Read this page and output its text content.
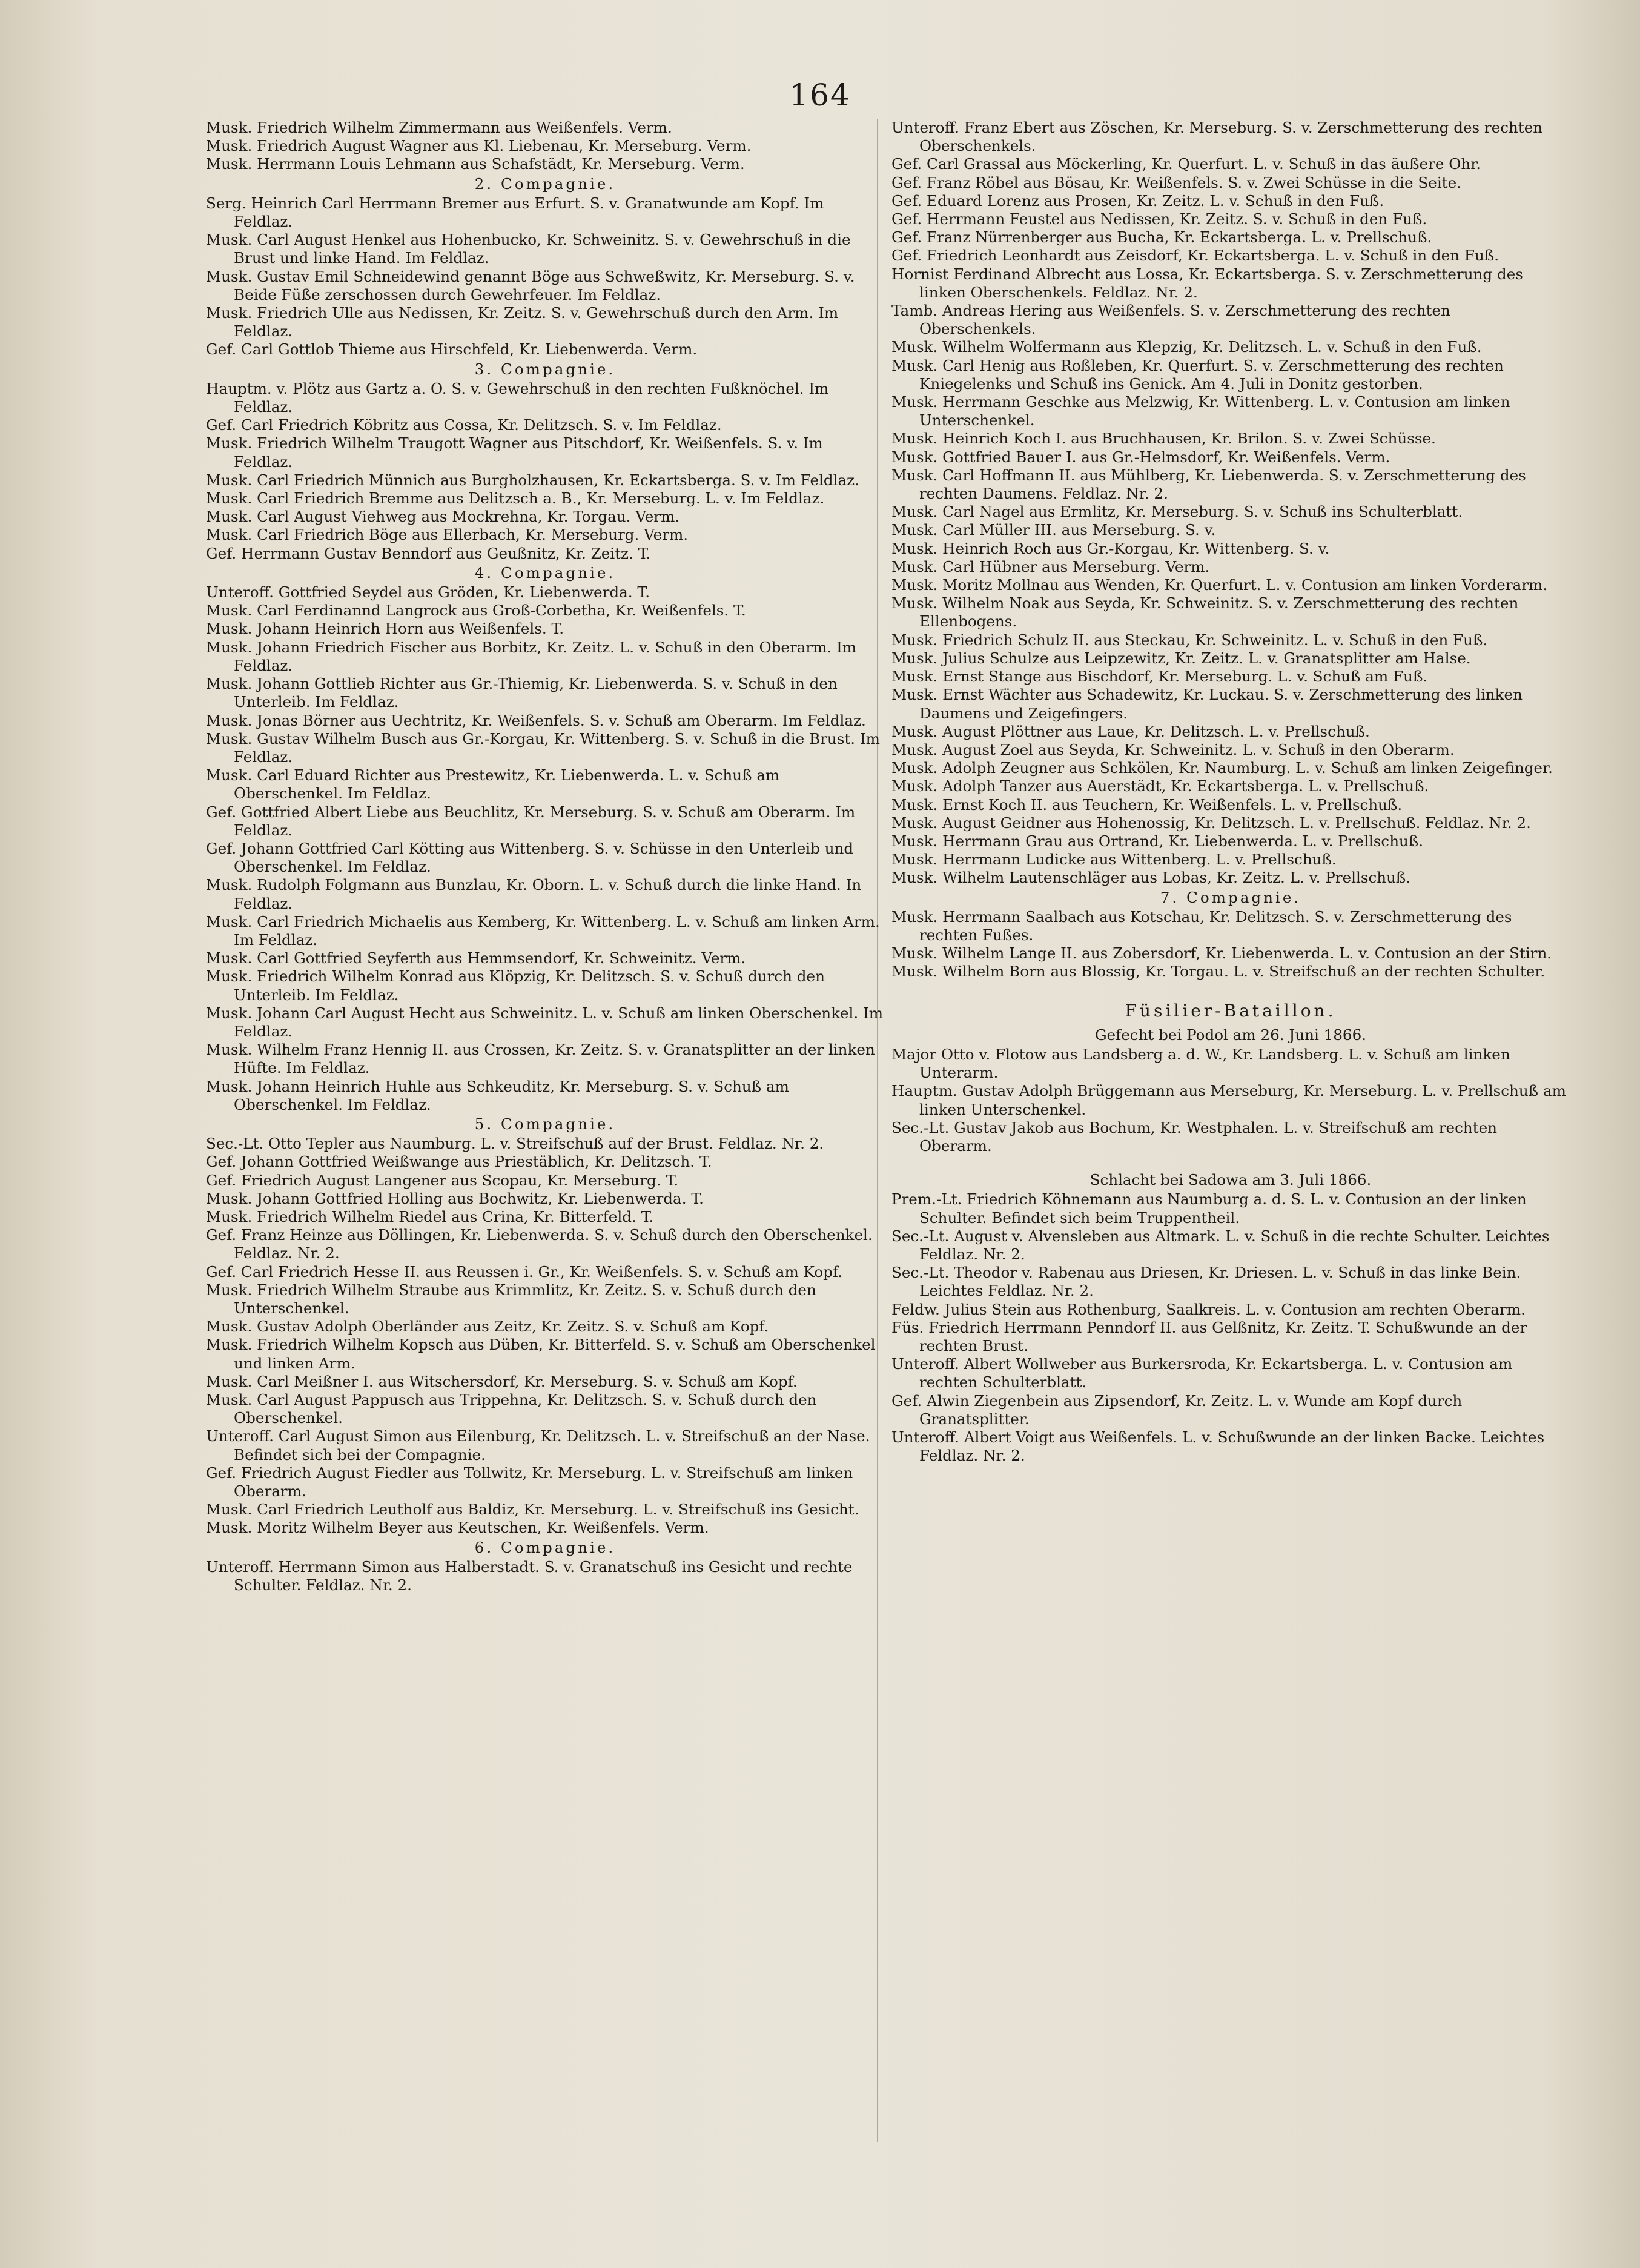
164
Musk. Friedrich Wilhelm Zimmermann aus Weißenfels. Verm.
Musk. Friedrich August Wagner aus Kl. Liebenau, Kr. Merseburg. Verm.
Musk. Herrmann Louis Lehmann aus Schafstädt, Kr. Merseburg. Verm.
2. Compagnie.
Serg. Heinrich Carl Herrmann Bremer aus Erfurt. S. v. Granatwunde am Kopf. Im Feldlaz.
Musk. Carl August Henkel aus Hohenbucko, Kr. Schweinitz. S. v. Gewehrschuß in die Brust und linke Hand. Im Feldlaz.
Musk. Gustav Emil Schneidewind genannt Böge aus Schweßwitz, Kr. Merseburg. S. v. Beide Füße zerschossen durch Gewehrfeuer. Im Feldlaz.
Musk. Friedrich Ulle aus Nedissen, Kr. Zeitz. S. v. Gewehrschuß durch den Arm. Im Feldlaz.
Gef. Carl Gottlob Thieme aus Hirschfeld, Kr. Liebenwerda. Verm.
3. Compagnie.
Hauptm. v. Plötz aus Gartz a. O. S. v. Gewehrschuß in den rechten Fußknöchel. Im Feldlaz.
Gef. Carl Friedrich Köbritz aus Cossa, Kr. Delitzsch. S. v. Im Feldlaz.
Musk. Friedrich Wilhelm Traugott Wagner aus Pitschdorf, Kr. Weißenfels. S. v. Im Feldlaz.
Musk. Carl Friedrich Münnich aus Burgholzhausen, Kr. Eckartsberga. S. v. Im Feldlaz.
Musk. Carl Friedrich Bremme aus Delitzsch a. B., Kr. Merseburg. L. v. Im Feldlaz.
Musk. Carl August Viehweg aus Mockrehna, Kr. Torgau. Verm.
Musk. Carl Friedrich Böge aus Ellerbach, Kr. Merseburg. Verm.
Gef. Herrmann Gustav Benndorf aus Geußnitz, Kr. Zeitz. T.
4. Compagnie.
Unteroff. Gottfried Seydel aus Gröden, Kr. Liebenwerda. T.
Musk. Carl Ferdinannd Langrock aus Groß-Corbetha, Kr. Weißenfels. T.
Musk. Johann Heinrich Horn aus Weißenfels. T.
Musk. Johann Friedrich Fischer aus Borbitz, Kr. Zeitz. L. v. Schuß in den Oberarm. Im Feldlaz.
Musk. Johann Gottlieb Richter aus Gr.-Thiemig, Kr. Liebenwerda. S. v. Schuß in den Unterleib. Im Feldlaz.
Musk. Jonas Börner aus Uechtritz, Kr. Weißenfels. S. v. Schuß am Oberarm. Im Feldlaz.
Musk. Gustav Wilhelm Busch aus Gr.-Korgau, Kr. Wittenberg. S. v. Schuß in die Brust. Im Feldlaz.
Musk. Carl Eduard Richter aus Prestewitz, Kr. Liebenwerda. L. v. Schuß am Oberschenkel. Im Feldlaz.
Gef. Gottfried Albert Liebe aus Beuchlitz, Kr. Merseburg. S. v. Schuß am Oberarm. Im Feldlaz.
Gef. Johann Gottfried Carl Kötting aus Wittenberg. S. v. Schüsse in den Unterleib und Oberschenkel. Im Feldlaz.
Musk. Rudolph Folgmann aus Bunzlau, Kr. Oborn. L. v. Schuß durch die linke Hand. In Feldlaz.
Musk. Carl Friedrich Michaelis aus Kemberg, Kr. Wittenberg. L. v. Schuß am linken Arm. Im Feldlaz.
Musk. Carl Gottfried Seyferth aus Hemmsendorf, Kr. Schweinitz. Verm.
Musk. Friedrich Wilhelm Konrad aus Klöpzig, Kr. Delitzsch. S. v. Schuß durch den Unterleib. Im Feldlaz.
Musk. Johann Carl August Hecht aus Schweinitz. L. v. Schuß am linken Oberschenkel. Im Feldlaz.
Musk. Wilhelm Franz Hennig II. aus Crossen, Kr. Zeitz. S. v. Granatsplitter an der linken Hüfte. Im Feldlaz.
Musk. Johann Heinrich Huhle aus Schkeuditz, Kr. Merseburg. S. v. Schuß am Oberschenkel. Im Feldlaz.
5. Compagnie.
Sec.-Lt. Otto Tepler aus Naumburg. L. v. Streifschuß auf der Brust. Feldlaz. Nr. 2.
Gef. Johann Gottfried Weißwange aus Priestäblich, Kr. Delitzsch. T.
Gef. Friedrich August Langener aus Scopau, Kr. Merseburg. T.
Musk. Johann Gottfried Holling aus Bochwitz, Kr. Liebenwerda. T.
Musk. Friedrich Wilhelm Riedel aus Crina, Kr. Bitterfeld. T.
Gef. Franz Heinze aus Döllingen, Kr. Liebenwerda. S. v. Schuß durch den Oberschenkel. Feldlaz. Nr. 2.
Gef. Carl Friedrich Hesse II. aus Reussen i. Gr., Kr. Weißenfels. S. v. Schuß am Kopf.
Musk. Friedrich Wilhelm Straube aus Krimmlitz, Kr. Zeitz. S. v. Schuß durch den Unterschenkel.
Musk. Gustav Adolph Oberländer aus Zeitz, Kr. Zeitz. S. v. Schuß am Kopf.
Musk. Friedrich Wilhelm Kopsch aus Düben, Kr. Bitterfeld. S. v. Schuß am Oberschenkel und linken Arm.
Musk. Carl Meißner I. aus Witschersdorf, Kr. Merseburg. S. v. Schuß am Kopf.
Musk. Carl August Pappusch aus Trippehna, Kr. Delitzsch. S. v. Schuß durch den Oberschenkel.
Unteroff. Carl August Simon aus Eilenburg, Kr. Delitzsch. L. v. Streifschuß an der Nase. Befindet sich bei der Compagnie.
Gef. Friedrich August Fiedler aus Tollwitz, Kr. Merseburg. L. v. Streifschuß am linken Oberarm.
Musk. Carl Friedrich Leutholf aus Baldiz, Kr. Merseburg. L. v. Streifschuß ins Gesicht.
Musk. Moritz Wilhelm Beyer aus Keutschen, Kr. Weißenfels. Verm.
6. Compagnie.
Unteroff. Herrmann Simon aus Halberstadt. S. v. Granatschuß ins Gesicht und rechte Schulter. Feldlaz. Nr. 2.
Unteroff. Franz Ebert aus Zöschen, Kr. Merseburg. S. v. Zerschmetterung des rechten Oberschenkels.
Gef. Carl Grassal aus Möckerling, Kr. Querfurt. L. v. Schuß in das äußere Ohr.
Gef. Franz Röbel aus Bösau, Kr. Weißenfels. S. v. Zwei Schüsse in die Seite.
Gef. Eduard Lorenz aus Prosen, Kr. Zeitz. L. v. Schuß in den Fuß.
Gef. Herrmann Feustel aus Nedissen, Kr. Zeitz. S. v. Schuß in den Fuß.
Gef. Franz Nürrenberger aus Bucha, Kr. Eckartsberga. L. v. Prellschuß.
Gef. Friedrich Leonhardt aus Zeisdorf, Kr. Eckartsberga. L. v. Schuß in den Fuß.
Hornist Ferdinand Albrecht aus Lossa, Kr. Eckartsberga. S. v. Zerschmetterung des linken Oberschenkels. Feldlaz. Nr. 2.
Tamb. Andreas Hering aus Weißenfels. S. v. Zerschmetterung des rechten Oberschenkels.
Musk. Wilhelm Wolfermann aus Klepzig, Kr. Delitzsch. L. v. Schuß in den Fuß.
Musk. Carl Henig aus Roßleben, Kr. Querfurt. S. v. Zerschmetterung des rechten Kniegelenks und Schuß ins Genick. Am 4. Juli in Donitz gestorben.
Musk. Herrmann Geschke aus Melzwig, Kr. Wittenberg. L. v. Contusion am linken Unterschenkel.
Musk. Heinrich Koch I. aus Bruchhausen, Kr. Brilon. S. v. Zwei Schüsse.
Musk. Gottfried Bauer I. aus Gr.-Helmsdorf, Kr. Weißenfels. Verm.
Musk. Carl Hoffmann II. aus Mühlberg, Kr. Liebenwerda. S. v. Zerschmetterung des rechten Daumens. Feldlaz. Nr. 2.
Musk. Carl Nagel aus Ermlitz, Kr. Merseburg. S. v. Schuß ins Schulterblatt.
Musk. Carl Müller III. aus Merseburg. S. v.
Musk. Heinrich Roch aus Gr.-Korgau, Kr. Wittenberg. S. v.
Musk. Carl Hübner aus Merseburg. Verm.
Musk. Moritz Mollnau aus Wenden, Kr. Querfurt. L. v. Contusion am linken Vorderarm.
Musk. Wilhelm Noak aus Seyda, Kr. Schweinitz. S. v. Zerschmetterung des rechten Ellenbogens.
Musk. Friedrich Schulz II. aus Steckau, Kr. Schweinitz. L. v. Schuß in den Fuß.
Musk. Julius Schulze aus Leipzewitz, Kr. Zeitz. L. v. Granatsplitter am Halse.
Musk. Ernst Stange aus Bischdorf, Kr. Merseburg. L. v. Schuß am Fuß.
Musk. Ernst Wächter aus Schadewitz, Kr. Luckau. S. v. Zerschmetterung des linken Daumens und Zeigefingers.
Musk. August Plöttner aus Laue, Kr. Delitzsch. L. v. Prellschuß.
Musk. August Zoel aus Seyda, Kr. Schweinitz. L. v. Schuß in den Oberarm.
Musk. Adolph Zeugner aus Schkölen, Kr. Naumburg. L. v. Schuß am linken Zeigefinger.
Musk. Adolph Tanzer aus Auerstädt, Kr. Eckartsberga. L. v. Prellschuß.
Musk. Ernst Koch II. aus Teuchern, Kr. Weißenfels. L. v. Prellschuß.
Musk. August Geidner aus Hohenossig, Kr. Delitzsch. L. v. Prellschuß. Feldlaz. Nr. 2.
Musk. Herrmann Grau aus Ortrand, Kr. Liebenwerda. L. v. Prellschuß.
Musk. Herrmann Ludicke aus Wittenberg. L. v. Prellschuß.
Musk. Wilhelm Lautenschläger aus Lobas, Kr. Zeitz. L. v. Prellschuß.
7. Compagnie.
Musk. Herrmann Saalbach aus Kotschau, Kr. Delitzsch. S. v. Zerschmetterung des rechten Fußes.
Musk. Wilhelm Lange II. aus Zobersdorf, Kr. Liebenwerda. L. v. Contusion an der Stirn.
Musk. Wilhelm Born aus Blossig, Kr. Torgau. L. v. Streifschuß an der rechten Schulter.
Füsilier-Bataillon.
Gefecht bei Podol am 26. Juni 1866.
Major Otto v. Flotow aus Landsberg a. d. W., Kr. Landsberg. L. v. Schuß am linken Unterarm.
Hauptm. Gustav Adolph Brüggemann aus Merseburg, Kr. Merseburg. L. v. Prellschuß am linken Unterschenkel.
Sec.-Lt. Gustav Jakob aus Bochum, Kr. Westphalen. L. v. Streifschuß am rechten Oberarm.
Schlacht bei Sadowa am 3. Juli 1866.
Prem.-Lt. Friedrich Köhnemann aus Naumburg a. d. S. L. v. Contusion an der linken Schulter. Befindet sich beim Truppentheil.
Sec.-Lt. August v. Alvensleben aus Altmark. L. v. Schuß in die rechte Schulter. Leichtes Feldlaz. Nr. 2.
Sec.-Lt. Theodor v. Rabenau aus Driesen, Kr. Driesen. L. v. Schuß in das linke Bein. Leichtes Feldlaz. Nr. 2.
Feldw. Julius Stein aus Rothenburg, Saalkreis. L. v. Contusion am rechten Oberarm.
Füs. Friedrich Herrmann Penndorf II. aus Gelßnitz, Kr. Zeitz. T. Schußwunde an der rechten Brust.
Unteroff. Albert Wollweber aus Burkersroda, Kr. Eckartsberga. L. v. Contusion am rechten Schulterblatt.
Gef. Alwin Ziegenbein aus Zipsendorf, Kr. Zeitz. L. v. Wunde am Kopf durch Granatsplitter.
Unteroff. Albert Voigt aus Weißenfels. L. v. Schußwunde an der linken Backe. Leichtes Feldlaz. Nr. 2.
